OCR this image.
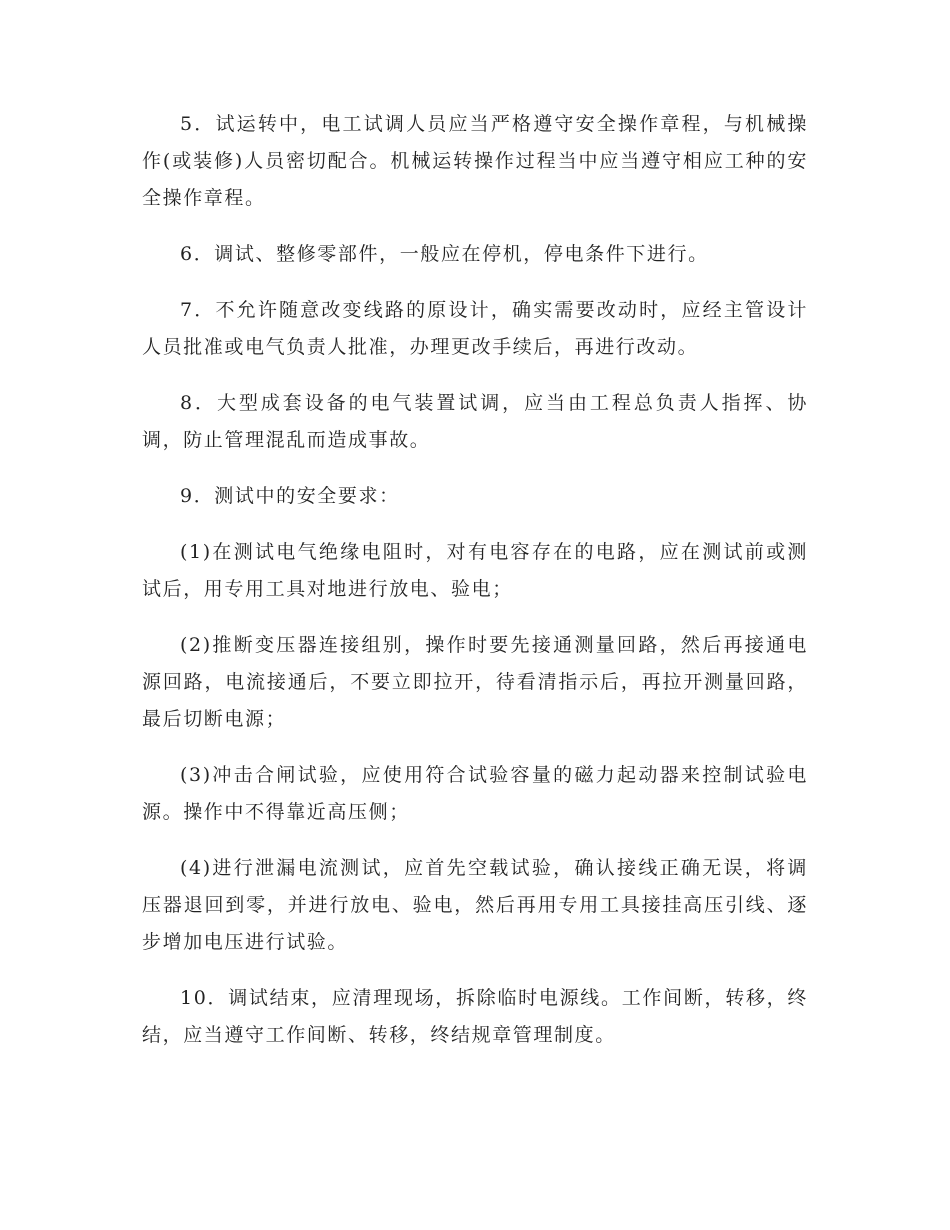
5．试运转中，电工试调人员应当严格遵守安全操作章程，与机械操作(或装修)人员密切配合。机械运转操作过程当中应当遵守相应工种的安全操作章程。

6．调试、整修零部件，一般应在停机，停电条件下进行。

7．不允许随意改变线路的原设计，确实需要改动时，应经主管设计人员批准或电气负责人批准，办理更改手续后，再进行改动。

8．大型成套设备的电气装置试调，应当由工程总负责人指挥、协调，防止管理混乱而造成事故。

9．测试中的安全要求：

(1)在测试电气绝缘电阻时，对有电容存在的电路，应在测试前或测试后，用专用工具对地进行放电、验电；

(2)推断变压器连接组别，操作时要先接通测量回路，然后再接通电源回路，电流接通后，不要立即拉开，待看清指示后，再拉开测量回路，最后切断电源；

(3)冲击合闸试验，应使用符合试验容量的磁力起动器来控制试验电源。操作中不得靠近高压侧；

(4)进行泄漏电流测试，应首先空载试验，确认接线正确无误，将调压器退回到零，并进行放电、验电，然后再用专用工具接挂高压引线、逐步增加电压进行试验。

10．调试结束，应清理现场，拆除临时电源线。工作间断，转移，终结，应当遵守工作间断、转移，终结规章管理制度。
